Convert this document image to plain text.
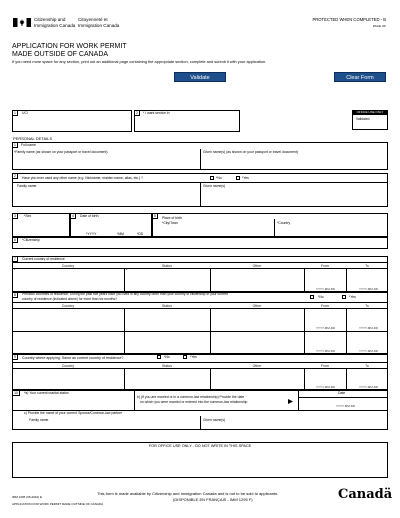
Citizenship and
Immigration Canada
Citoyenneté et
Immigration Canada
PROTECTED WHEN COMPLETED - B
PAGE OF
APPLICATION FOR WORK PERMIT
MADE OUTSIDE OF CANADA
If you need more space for any section, print out an additional page containing the appropriate section, complete and submit it with your application.
Validate	Clear Form
OFFICE USE ONLY
Validated
1	UCI	2	* I want service in
PERSONAL DETAILS
1	Full name
*Family name (as shown on your passport or travel document)	Given name(s) (as shown on your passport or travel document)
2	Have you ever used any other name (e.g. Nickname, maiden name, alias, etc.) ?	*No	*Yes
Family name	Given name(s)
3	*Sex	4	Date of birth
*YYYY	*MM	*DD
5	Place of birth
*City/Town	*Country
6	*Citizenship
7	Current country of residence
Country	Status	Other	From	To
*	*
YYYY-MM-DD	YYYY-MM-DD
8	Previous countries of residence: During the past five years have you lived in any country other than your country of citizenship or your current
country of residence (indicated above) for more than six months?	*No	*Yes
Country	Status	Other	From	To
YYYY-MM-DD	YYYY-MM-DD
YYYY-MM-DD	YYYY-MM-DD
9	Country where applying: Same as current country of residence?	*No	*Yes
Country	Status	Other	From	To
YYYY-MM-DD	YYYY-MM-DD
10	*a) Your current marital status
b) (If you are married or in a common-law relationship) Provide the date
on which you were married or entered into the common-law relationship
Date
YYYY-MM-DD
c) Provide the name of your current Spouse/Common-law partner
Family name	Given name(s)
FOR OFFICE USE ONLY - DO NOT WRITE IN THIS SPACE
IMM 1295 (05-2010) E
APPLICATION FOR WORK PERMIT MADE OUTSIDE OF CANADA
This form is made available by Citizenship and Immigration Canada and is not to be sold to applicants.
(DISPONIBLE EN FRANÇAIS - IMM 1295 F)	Canadä
